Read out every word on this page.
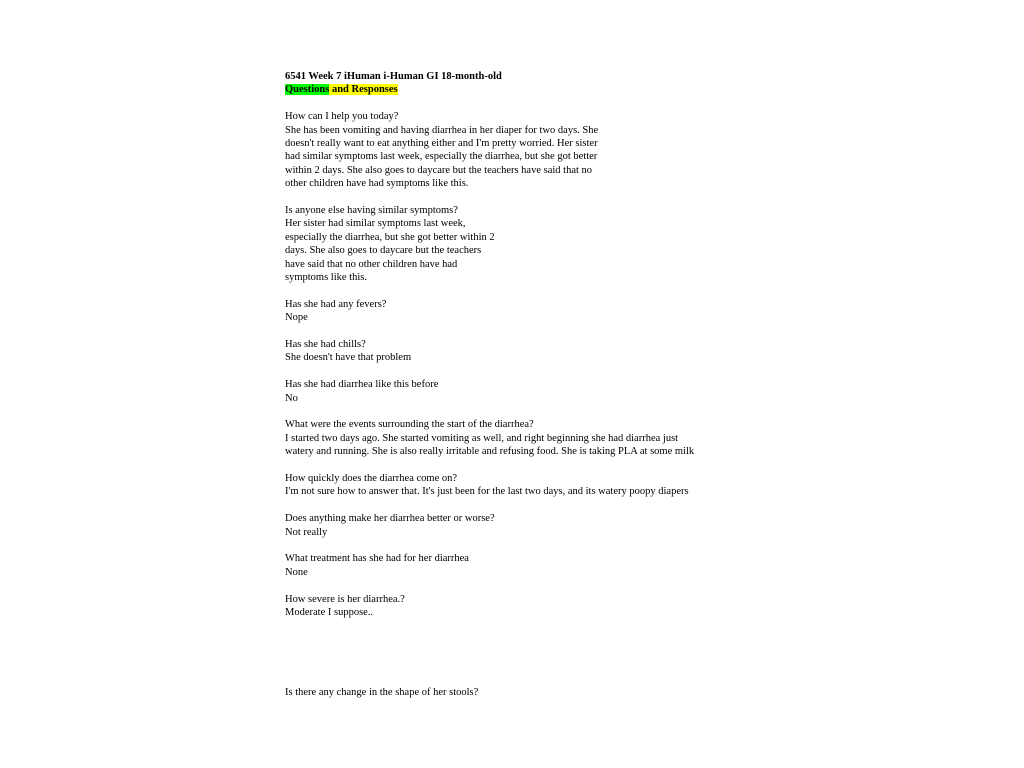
6541 Week 7 iHuman i-Human GI 18-month-old

Questions and Responses

How can I help you today?
She has been vomiting and having diarrhea in her diaper for two days. She
doesn't really want to eat anything either and I'm pretty worried. Her sister
had similar symptoms last week, especially the diarrhea, but she got better
within 2 days. She also goes to daycare but the teachers have said that no
other children have had symptoms like this.
Is anyone else having similar symptoms?
Her sister had similar symptoms last week,
especially the diarrhea, but she got better within 2
days. She also goes to daycare but the teachers
have said that no other children have had
symptoms like this.
Has she had any fevers?
Nope
Has she had chills?
She doesn't have that problem
Has she had diarrhea like this before
No
What were the events surrounding the start of the diarrhea?
I started two days ago. She started vomiting as well, and right beginning she had diarrhea just
watery and running. She is also really irritable and refusing food. She is taking PLA at some milk
How quickly does the diarrhea come on?
I'm not sure how to answer that. It's just been for the last two days, and its watery poopy diapers
Does anything make her diarrhea better or worse?
Not really
What treatment has she had for her diarrhea
None
How severe is her diarrhea.?
Moderate I suppose..

Is there any change in the shape of her stools?
